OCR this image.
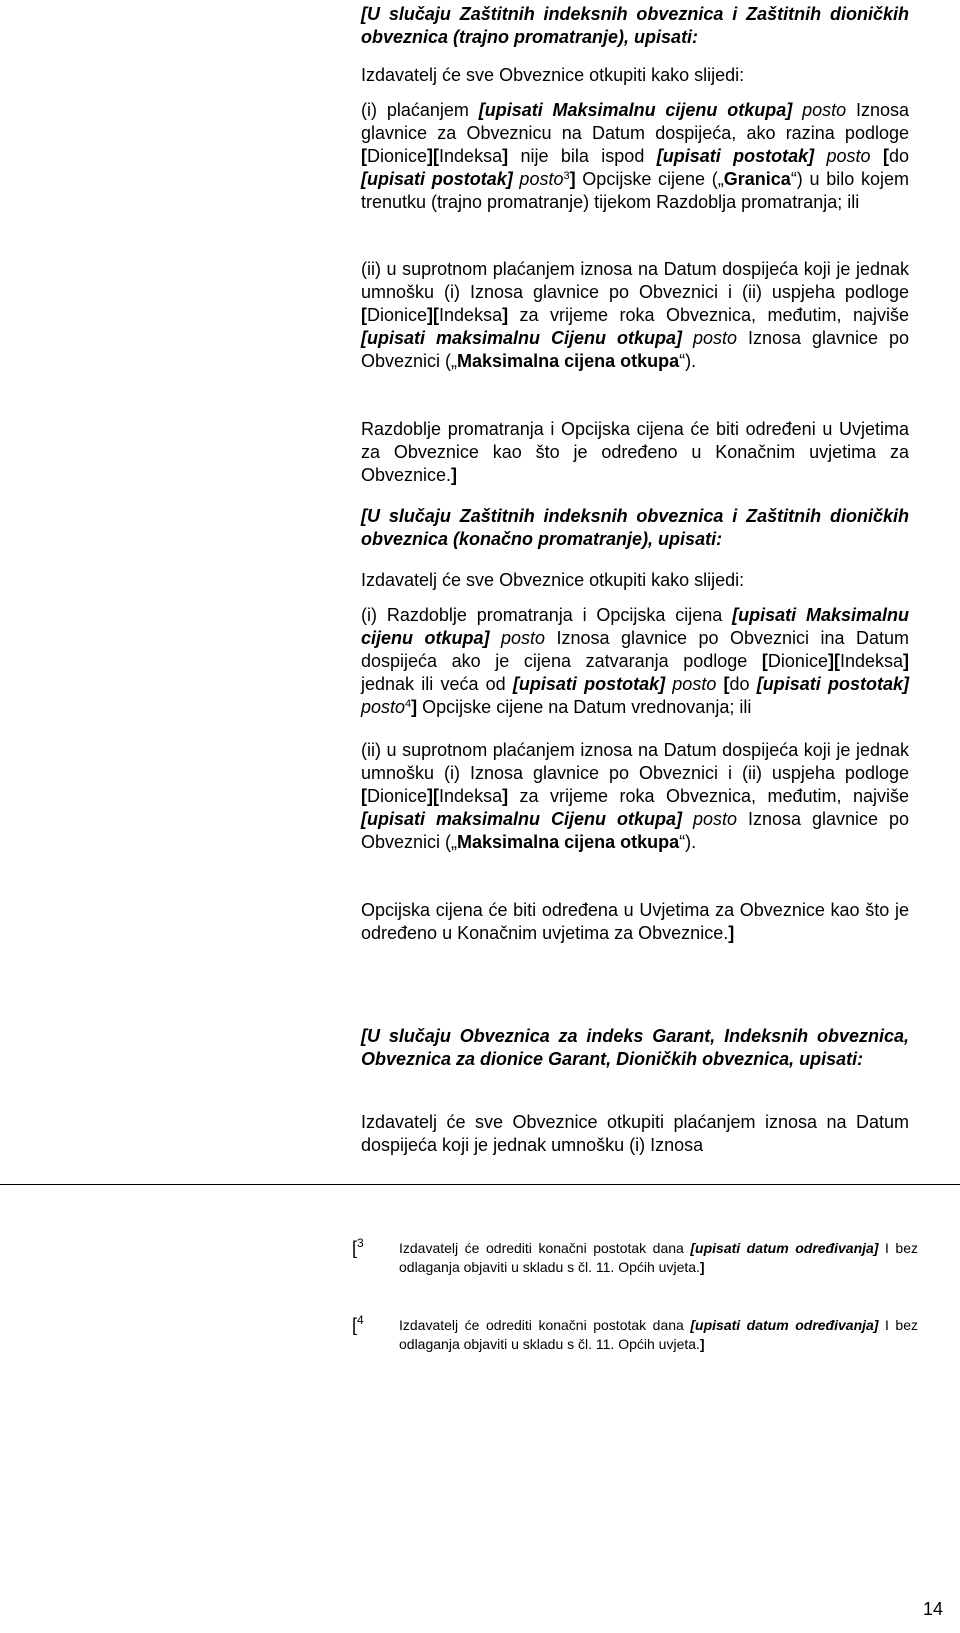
[U slučaju Zaštitnih indeksnih obveznica i Zaštitnih dioničkih obveznica (trajno promatranje), upisati:

Izdavatelj će sve Obveznice otkupiti kako slijedi:

(i) plaćanjem [upisati Maksimalnu cijenu otkupa] posto Iznosa glavnice za Obveznicu na Datum dospijeća, ako razina podloge [Dionice][Indeksa] nije bila ispod [upisati postotak] posto [do [upisati postotak] posto$^3$] Opcijske cijene („Granica“) u bilo kojem trenutku (trajno promatranje) tijekom Razdoblja promatranja; ili

(ii) u suprotnom plaćanjem iznosa na Datum dospijeća koji je jednak umnošku (i) Iznosa glavnice po Obveznici i (ii) uspjeha podloge [Dionice][Indeksa] za vrijeme roka Obveznica, međutim, najviše [upisati maksimalnu Cijenu otkupa] posto Iznosa glavnice po Obveznici („Maksimalna cijena otkupa“).

Razdoblje promatranja i Opcijska cijena će biti određeni u Uvjetima za Obveznice kao što je određeno u Konačnim uvjetima za Obveznice.]

[U slučaju Zaštitnih indeksnih obveznica i Zaštitnih dioničkih obveznica (konačno promatranje), upisati:

Izdavatelj će sve Obveznice otkupiti kako slijedi:

(i) Razdoblje promatranja i Opcijska cijena [upisati Maksimalnu cijenu otkupa] posto Iznosa glavnice po Obveznici ina Datum dospijeća ako je cijena zatvaranja podloge [Dionice][Indeksa] jednak ili veća od [upisati postotak] posto [do [upisati postotak] posto$^4$] Opcijske cijene na Datum vrednovanja; ili

(ii) u suprotnom plaćanjem iznosa na Datum dospijeća koji je jednak umnošku (i) Iznosa glavnice po Obveznici i (ii) uspjeha podloge [Dionice][Indeksa] za vrijeme roka Obveznica, međutim, najviše [upisati maksimalnu Cijenu otkupa] posto Iznosa glavnice po Obveznici („Maksimalna cijena otkupa“).

Opcijska cijena će biti određena u Uvjetima za Obveznice kao što je određeno u Konačnim uvjetima za Obveznice.]

[U slučaju Obveznica za indeks Garant, Indeksnih obveznica, Obveznica za dionice Garant, Dioničkih obveznica, upisati:

Izdavatelj će sve Obveznice otkupiti plaćanjem iznosa na Datum dospijeća koji je jednak umnošku (i) Iznosa

[$^3$	Izdavatelj će odrediti konačni postotak dana [upisati datum određivanja] I bez odlaganja objaviti u skladu s čl. 11. Općih uvjeta.]
[$^4$	Izdavatelj će odrediti konačni postotak dana [upisati datum određivanja] I bez odlaganja objaviti u skladu s čl. 11. Općih uvjeta.]
14
